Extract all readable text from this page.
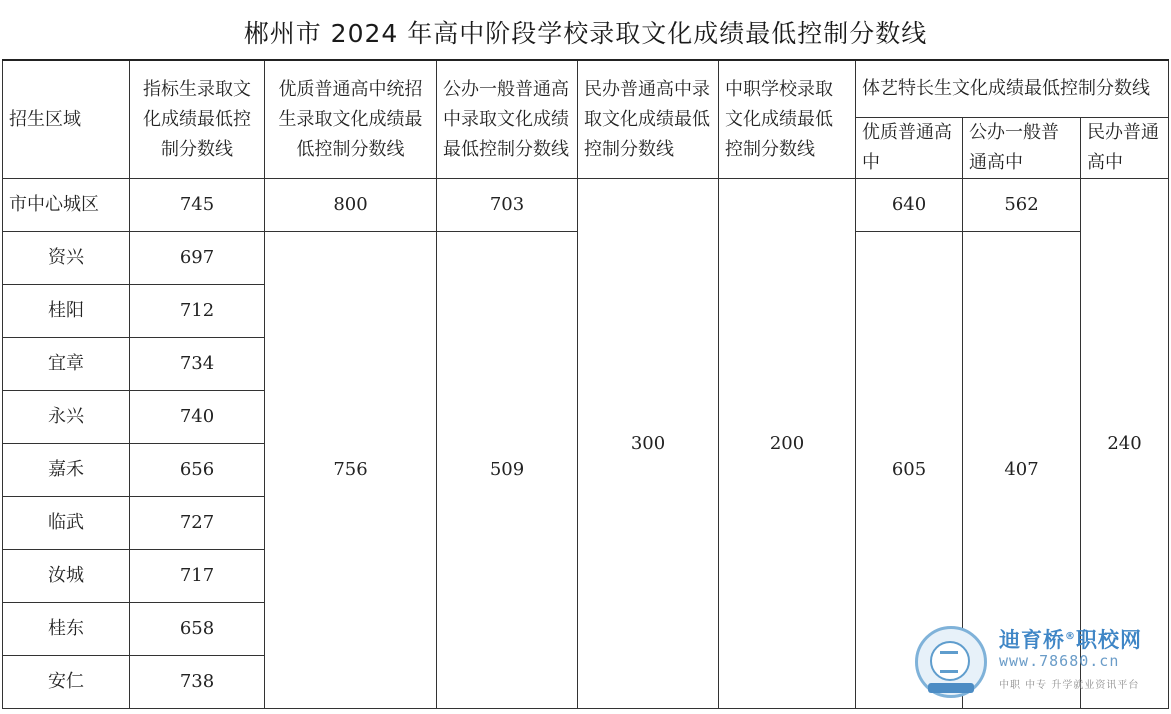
郴州市 2024 年高中阶段学校录取文化成绩最低控制分数线
招生区域	指标生录取文化成绩最低控制分数线	优质普通高中统招生录取文化成绩最低控制分数线	公办一般普通高中录取文化成绩最低控制分数线	民办普通高中录取文化成绩最低控制分数线	中职学校录取文化成绩最低控制分数线	体艺特长生文化成绩最低控制分数线		
						优质普通高中	公办一般普通高中	民办普通高中
市中心城区	745	800	703	300	200	640	562	240
资兴	697	756	509			605	407	
桂阳	712							
宜章	734							
永兴	740							
嘉禾	656							
临武	727							
汝城	717							
桂东	658							
安仁	738							
迪育桥®职校网
www.78680.cn
中职 中专 升学就业资讯平台
